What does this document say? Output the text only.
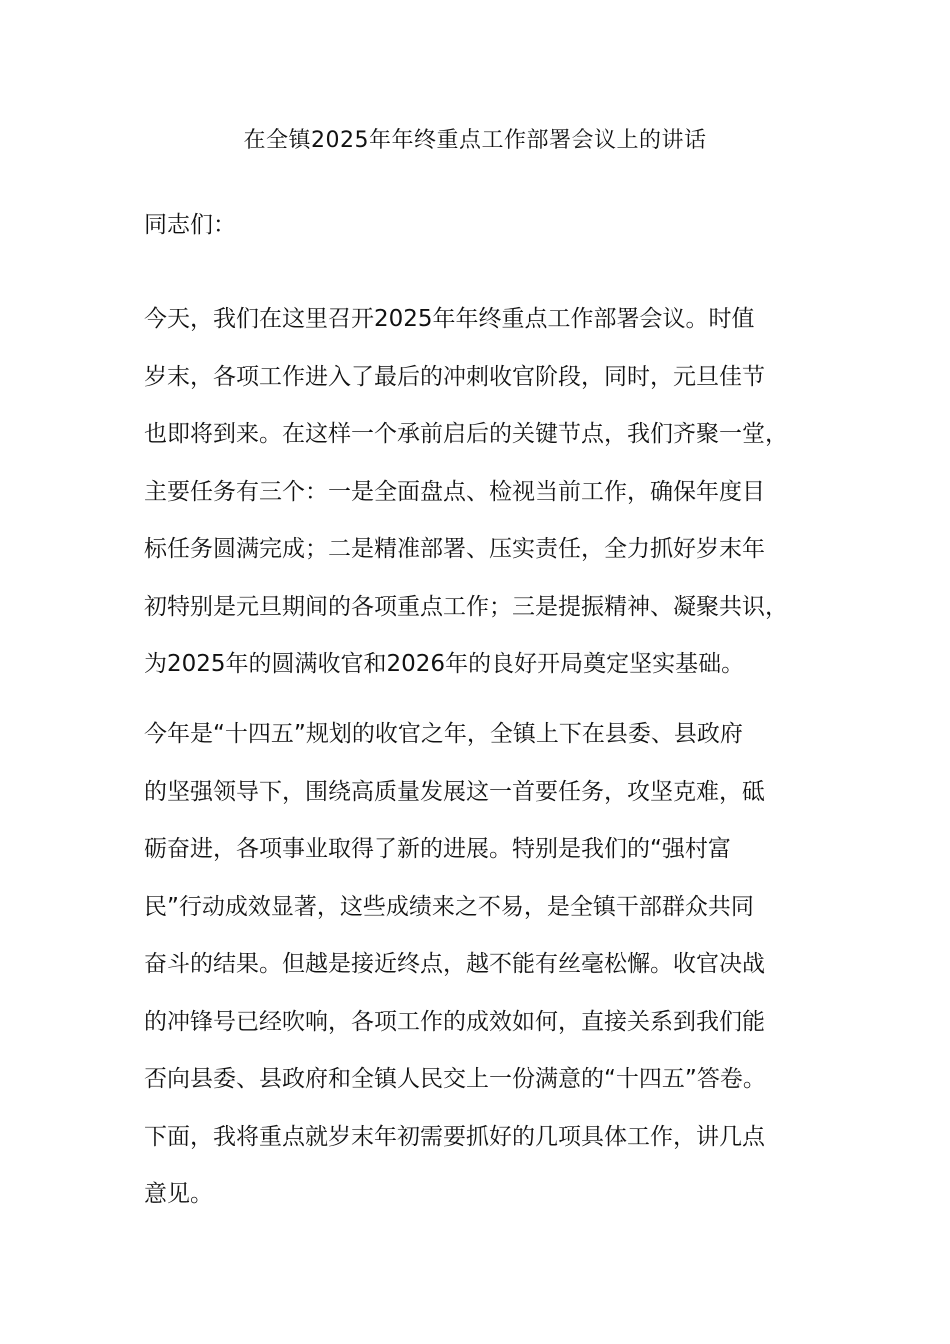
在全镇2025年年终重点工作部署会议上的讲话
同志们：
今天，我们在这里召开2025年年终重点工作部署会议。时值
岁末，各项工作进入了最后的冲刺收官阶段，同时，元旦佳节
也即将到来。在这样一个承前启后的关键节点，我们齐聚一堂，
主要任务有三个：一是全面盘点、检视当前工作，确保年度目
标任务圆满完成；二是精准部署、压实责任，全力抓好岁末年
初特别是元旦期间的各项重点工作；三是提振精神、凝聚共识，
为2025年的圆满收官和2026年的良好开局奠定坚实基础。
今年是“十四五”规划的收官之年，全镇上下在县委、县政府
的坚强领导下，围绕高质量发展这一首要任务，攻坚克难，砥
砺奋进，各项事业取得了新的进展。特别是我们的“强村富
民”行动成效显著，这些成绩来之不易，是全镇干部群众共同
奋斗的结果。但越是接近终点，越不能有丝毫松懈。收官决战
的冲锋号已经吹响，各项工作的成效如何，直接关系到我们能
否向县委、县政府和全镇人民交上一份满意的“十四五”答卷。
下面，我将重点就岁末年初需要抓好的几项具体工作，讲几点
意见。
